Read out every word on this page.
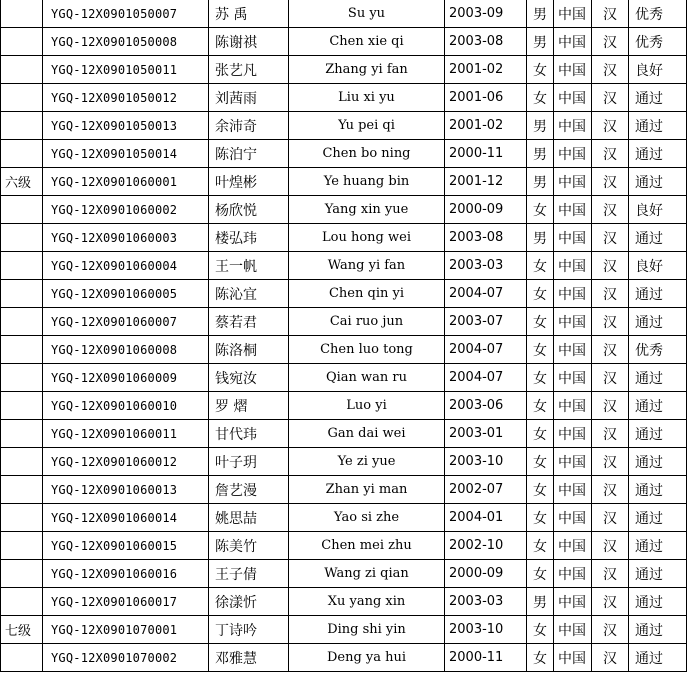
	YGQ-12X0901050007	苏 禹	Su yu	2003-09	男	中国	汉	优秀
	YGQ-12X0901050008	陈谢祺	Chen xie qi	2003-08	男	中国	汉	优秀
	YGQ-12X0901050011	张艺凡	Zhang yi fan	2001-02	女	中国	汉	良好
	YGQ-12X0901050012	刘茜雨	Liu xi yu	2001-06	女	中国	汉	通过
	YGQ-12X0901050013	余沛奇	Yu pei qi	2001-02	男	中国	汉	通过
	YGQ-12X0901050014	陈泊宁	Chen bo ning	2000-11	男	中国	汉	通过
六级	YGQ-12X0901060001	叶煌彬	Ye huang bin	2001-12	男	中国	汉	通过
	YGQ-12X0901060002	杨欣悦	Yang xin yue	2000-09	女	中国	汉	良好
	YGQ-12X0901060003	楼弘玮	Lou hong wei	2003-08	男	中国	汉	通过
	YGQ-12X0901060004	王一帆	Wang yi fan	2003-03	女	中国	汉	良好
	YGQ-12X0901060005	陈沁宜	Chen qin yi	2004-07	女	中国	汉	通过
	YGQ-12X0901060007	蔡若君	Cai ruo jun	2003-07	女	中国	汉	通过
	YGQ-12X0901060008	陈洛桐	Chen luo tong	2004-07	女	中国	汉	优秀
	YGQ-12X0901060009	钱宛汝	Qian wan ru	2004-07	女	中国	汉	通过
	YGQ-12X0901060010	罗 熠	Luo yi	2003-06	女	中国	汉	通过
	YGQ-12X0901060011	甘代玮	Gan dai wei	2003-01	女	中国	汉	通过
	YGQ-12X0901060012	叶子玥	Ye zi yue	2003-10	女	中国	汉	通过
	YGQ-12X0901060013	詹艺漫	Zhan yi man	2002-07	女	中国	汉	通过
	YGQ-12X0901060014	姚思喆	Yao si zhe	2004-01	女	中国	汉	通过
	YGQ-12X0901060015	陈美竹	Chen mei zhu	2002-10	女	中国	汉	通过
	YGQ-12X0901060016	王子倩	Wang zi qian	2000-09	女	中国	汉	通过
	YGQ-12X0901060017	徐漾忻	Xu yang xin	2003-03	男	中国	汉	通过
七级	YGQ-12X0901070001	丁诗吟	Ding shi yin	2003-10	女	中国	汉	通过
	YGQ-12X0901070002	邓雅慧	Deng ya hui	2000-11	女	中国	汉	通过
